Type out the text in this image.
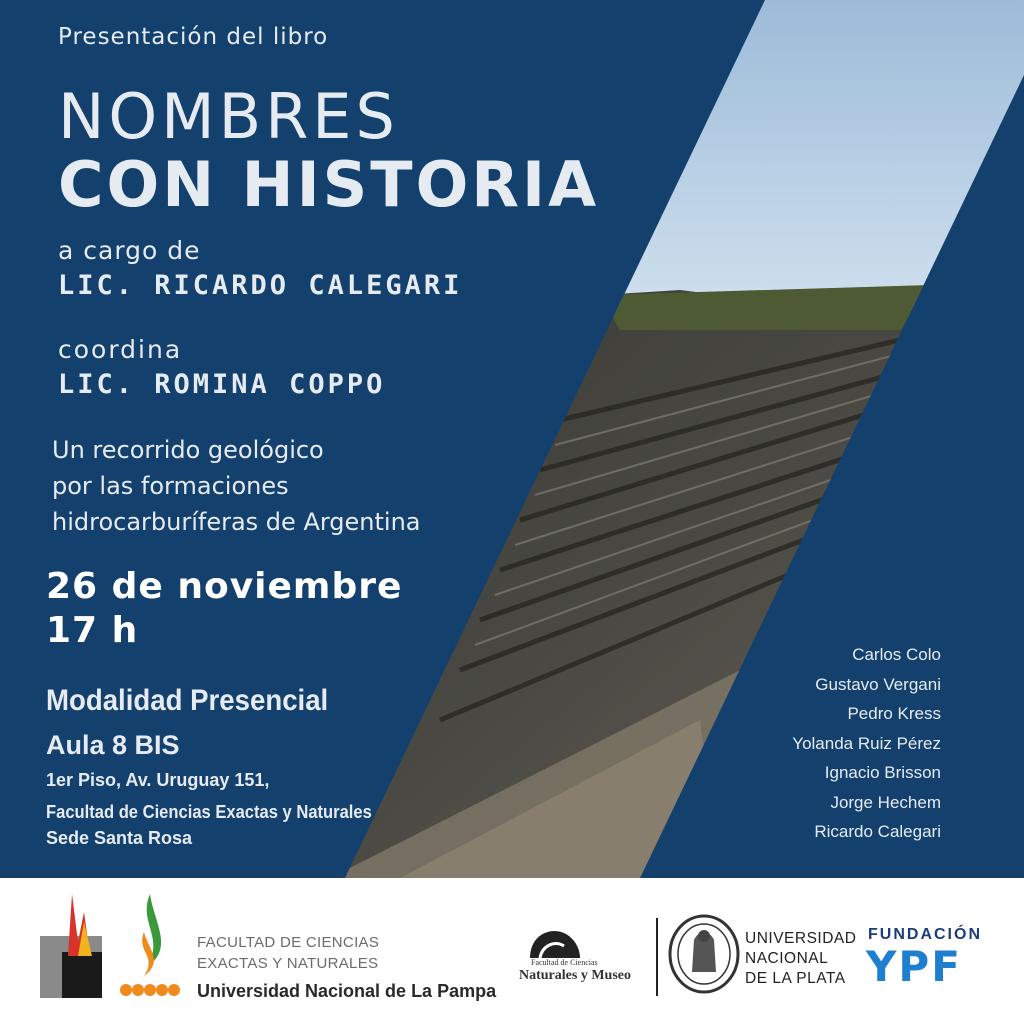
Presentación del libro
NOMBRES
CON HISTORIA
a cargo de
LIC. RICARDO CALEGARI
coordina
LIC. ROMINA COPPO
Un recorrido geológico
por las formaciones
hidrocarburíferas de Argentina
26 de noviembre
17 h
Modalidad Presencial
Aula 8 BIS
1er Piso, Av. Uruguay 151,
Facultad de Ciencias Exactas y Naturales
Sede Santa Rosa
Carlos Colo
Gustavo Vergani
Pedro Kress
Yolanda Ruiz Pérez
Ignacio Brisson
Jorge Hechem
Ricardo Calegari
FACULTAD DE CIENCIAS
EXACTAS Y NATURALES
Universidad Nacional de La Pampa
Facultad de Ciencias
Naturales y Museo
UNIVERSIDAD
NACIONAL
DE LA PLATA
FUNDACIÓN
YPF
